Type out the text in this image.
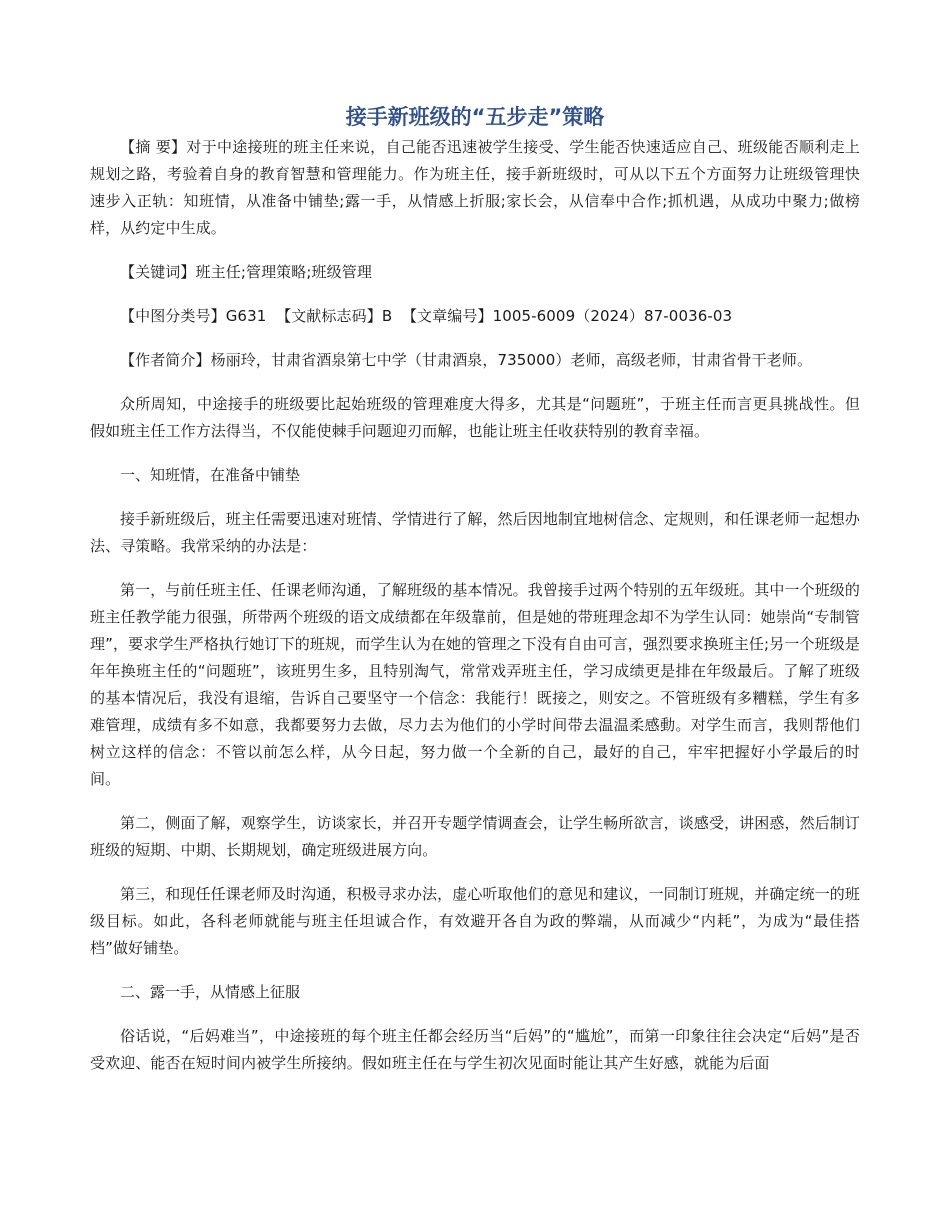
接手新班级的“五步走”策略

【摘 要】对于中途接班的班主任来说，自己能否迅速被学生接受、学生能否快速适应自己、班级能否顺利走上规划之路，考验着自身的教育智慧和管理能力。作为班主任，接手新班级时，可从以下五个方面努力让班级管理快速步入正轨：知班情，从准备中铺垫;露一手，从情感上折服;家长会，从信奉中合作;抓机遇，从成功中聚力;做榜样，从约定中生成。

【关键词】班主任;管理策略;班级管理

【中图分类号】G631 【文献标志码】B 【文章编号】1005-6009（2024）87-0036-03

【作者简介】杨丽玲，甘肃省酒泉第七中学（甘肃酒泉，735000）老师，高级老师，甘肃省骨干老师。

众所周知，中途接手的班级要比起始班级的管理难度大得多，尤其是“问题班”，于班主任而言更具挑战性。但假如班主任工作方法得当，不仅能使棘手问题迎刃而解，也能让班主任收获特别的教育幸福。

一、知班情，在准备中铺垫

接手新班级后，班主任需要迅速对班情、学情进行了解，然后因地制宜地树信念、定规则，和任课老师一起想办法、寻策略。我常采纳的办法是：

第一，与前任班主任、任课老师沟通，了解班级的基本情况。我曾接手过两个特别的五年级班。其中一个班级的班主任教学能力很强，所带两个班级的语文成绩都在年级靠前，但是她的带班理念却不为学生认同：她崇尚“专制管理”，要求学生严格执行她订下的班规，而学生认为在她的管理之下没有自由可言，强烈要求换班主任;另一个班级是年年换班主任的“问题班”，该班男生多，且特别淘气，常常戏弄班主任，学习成绩更是排在年级最后。了解了班级的基本情况后，我没有退缩，告诉自己要坚守一个信念：我能行！既接之，则安之。不管班级有多糟糕，学生有多难管理，成绩有多不如意，我都要努力去做，尽力去为他们的小学时间带去温温柔感動。对学生而言，我则帮他们树立这样的信念：不管以前怎么样，从今日起，努力做一个全新的自己，最好的自己，牢牢把握好小学最后的时间。

第二，侧面了解，观察学生，访谈家长，并召开专题学情调查会，让学生畅所欲言，谈感受，讲困惑，然后制订班级的短期、中期、长期规划，确定班级进展方向。

第三，和现任任课老师及时沟通，积极寻求办法，虚心听取他们的意见和建议，一同制订班规，并确定统一的班级目标。如此，各科老师就能与班主任坦诚合作，有效避开各自为政的弊端，从而减少“内耗”，为成为“最佳搭档”做好铺垫。

二、露一手，从情感上征服

俗话说，“后妈难当”，中途接班的每个班主任都会经历当“后妈”的“尴尬”，而第一印象往往会决定“后妈”是否受欢迎、能否在短时间内被学生所接纳。假如班主任在与学生初次见面时能让其产生好感，就能为后面
